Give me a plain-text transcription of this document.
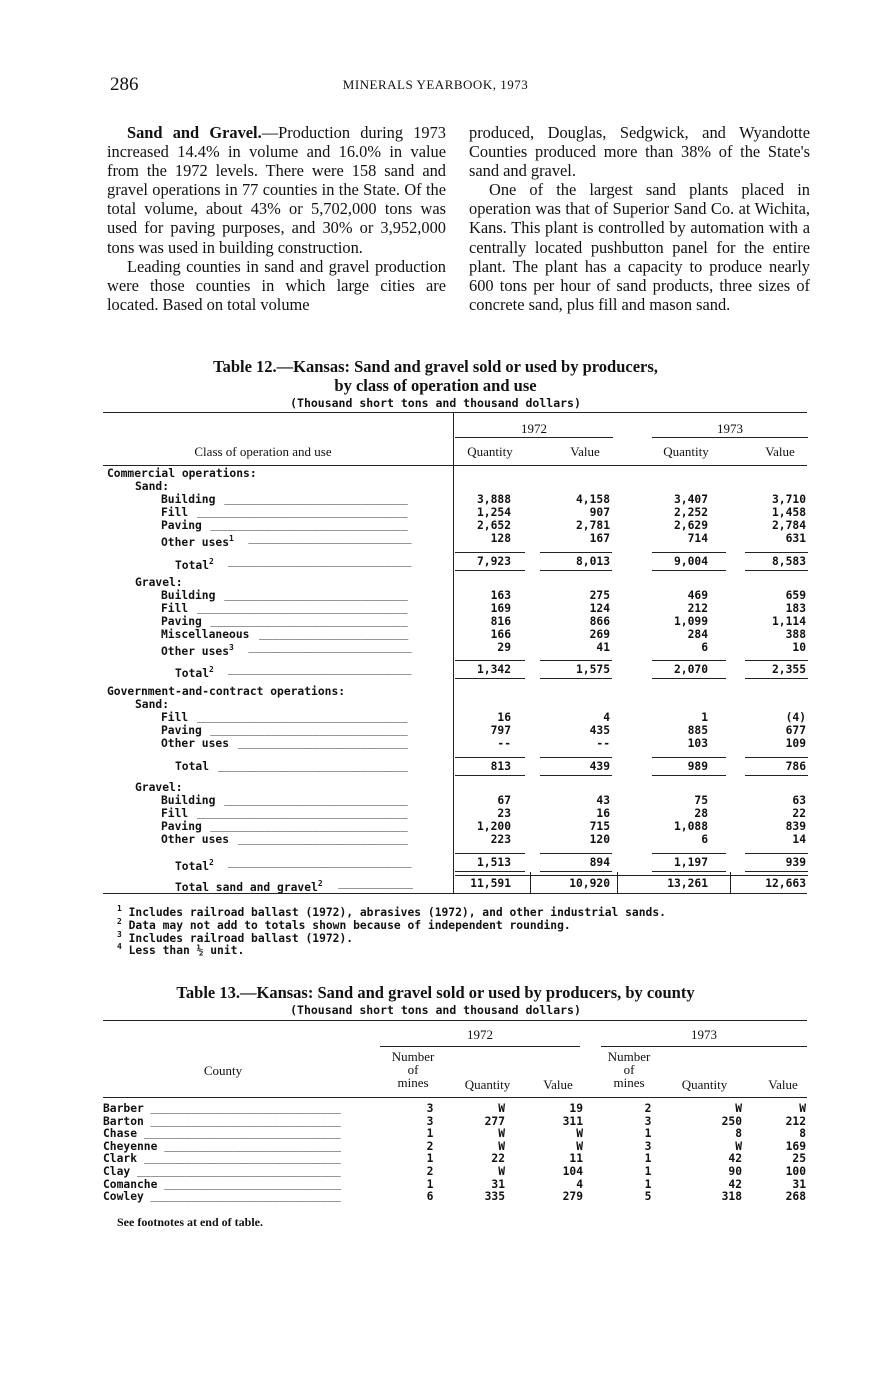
286	MINERALS YEARBOOK, 1973

Sand and Gravel.—Production during 1973 increased 14.4% in volume and 16.0% in value from the 1972 levels. There were 158 sand and gravel operations in 77 counties in the State. Of the total volume, about 43% or 5,702,000 tons was used for paving purposes, and 30% or 3,952,000 tons was used in building construction.

Leading counties in sand and gravel production were those counties in which large cities are located. Based on total volume

produced, Douglas, Sedgwick, and Wyandotte Counties produced more than 38% of the State's sand and gravel.

One of the largest sand plants placed in operation was that of Superior Sand Co. at Wichita, Kans. This plant is controlled by automation with a centrally located pushbutton panel for the entire plant. The plant has a capacity to produce nearly 600 tons per hour of sand products, three sizes of concrete sand, plus fill and mason sand.

Table 12.—Kansas: Sand and gravel sold or used by producers,
by class of operation and use
(Thousand short tons and thousand dollars)
1972	1973
Class of operation and use	Quantity	Value	Quantity	Value
Commercial operations:
Sand:
Building ___________________________	3,888	4,158	3,407	3,710
Fill _______________________________	1,254	907	2,252	1,458
Paving _____________________________	2,652	2,781	2,629	2,784
Other uses$^1$ ________________________	128	167	714	631
Total$^2$ ___________________________	7,923	8,013	9,004	8,583
Gravel:
Building ___________________________	163	275	469	659
Fill _______________________________	169	124	212	183
Paving _____________________________	816	866	1,099	1,114
Miscellaneous ______________________	166	269	284	388
Other uses$^3$ ________________________	29	41	6	10
Total$^2$ ___________________________	1,342	1,575	2,070	2,355
Government-and-contract operations:
Sand:
Fill _______________________________	16	4	1	(4)
Paving _____________________________	797	435	885	677
Other uses _________________________	--	--	103	109
Total ____________________________	813	439	989	786
Gravel:
Building ___________________________	67	43	75	63
Fill _______________________________	23	16	28	22
Paving _____________________________	1,200	715	1,088	839
Other uses _________________________	223	120	6	14
Total$^2$ ___________________________	1,513	894	1,197	939
Total sand and gravel$^2$ ___________	11,591	10,920	13,261	12,663
$^1$ Includes railroad ballast (1972), abrasives (1972), and other industrial sands.
$^2$ Data may not add to totals shown because of independent rounding.
$^3$ Includes railroad ballast (1972).
$^4$ Less than ½ unit.
Table 13.—Kansas: Sand and gravel sold or used by producers, by county
(Thousand short tons and thousand dollars)
1972	1973
County
Number
of
mines
Number
of
mines
Quantity	Value	Quantity	Value
Barber ____________________________	3	W	19	2	W	W
Barton ____________________________	3	277	311	3	250	212
Chase _____________________________	1	W	W	1	8	8
Cheyenne __________________________	2	W	W	3	W	169
Clark _____________________________	1	22	11	1	42	25
Clay ______________________________	2	W	104	1	90	100
Comanche __________________________	1	31	4	1	42	31
Cowley ____________________________	6	335	279	5	318	268
See footnotes at end of table.
